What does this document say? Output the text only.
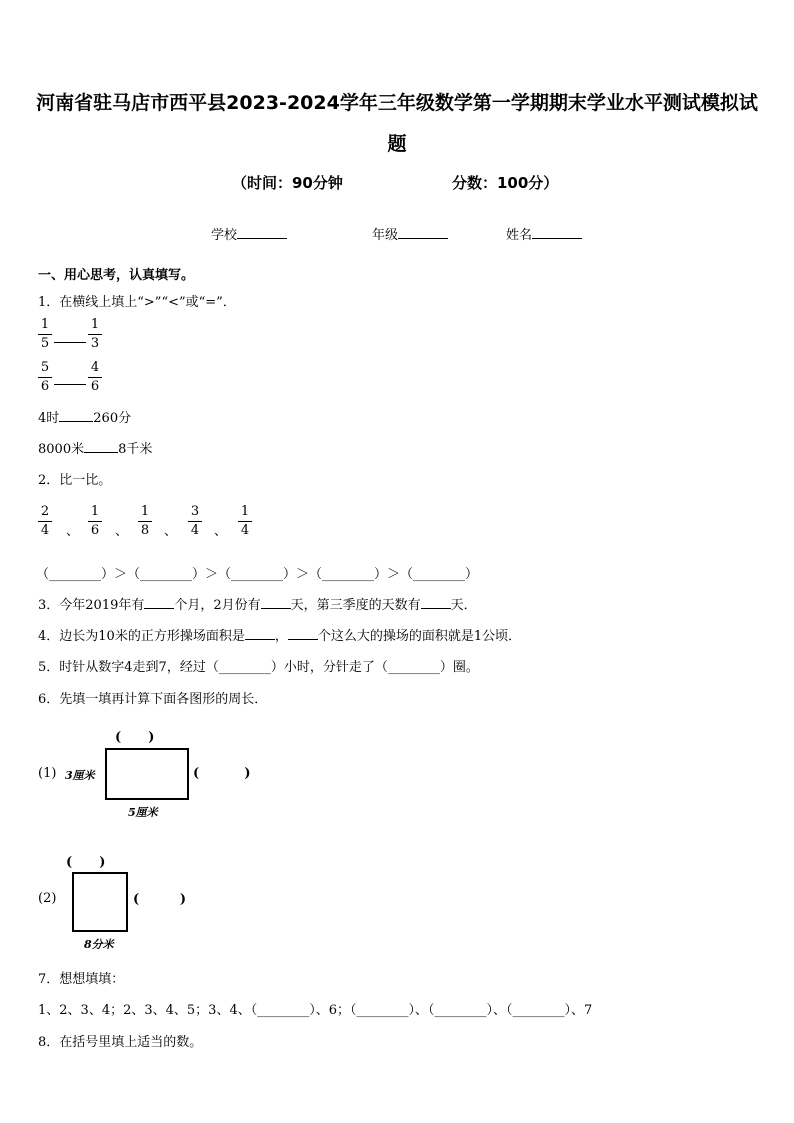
河南省驻马店市西平县2023-2024学年三年级数学第一学期期末学业水平测试模拟试
题
（时间：90分钟	分数：100分）
学校	年级	姓名
一、用心思考，认真填写。
1．在横线上填上“>”“<”或“=”．
1
5
1
3
5
6
4
6
4时	260分
8000米	8千米
2．比一比。
2
4 、
1
6 、
1
8 、
3
4 、
1
4
（________）＞（________）＞（________）＞（________）＞（________）
3．今年2019年有 个月，2月份有 天，第三季度的天数有 天．
4．边长为10米的正方形操场面积是 ， 个这么大的操场的面积就是1公顷．
5．时针从数字4走到7，经过（________）小时，分针走了（________）圈。
6．先填一填再计算下面各图形的周长．
(1)
(      )
3厘米
5厘米
(          )
(2)
(      )
8分米
(         )
7．想想填填：
1、2、3、4；2、3、4、5；3、4、（________）、6；（________）、（________）、（________）、7
8．在括号里填上适当的数。
